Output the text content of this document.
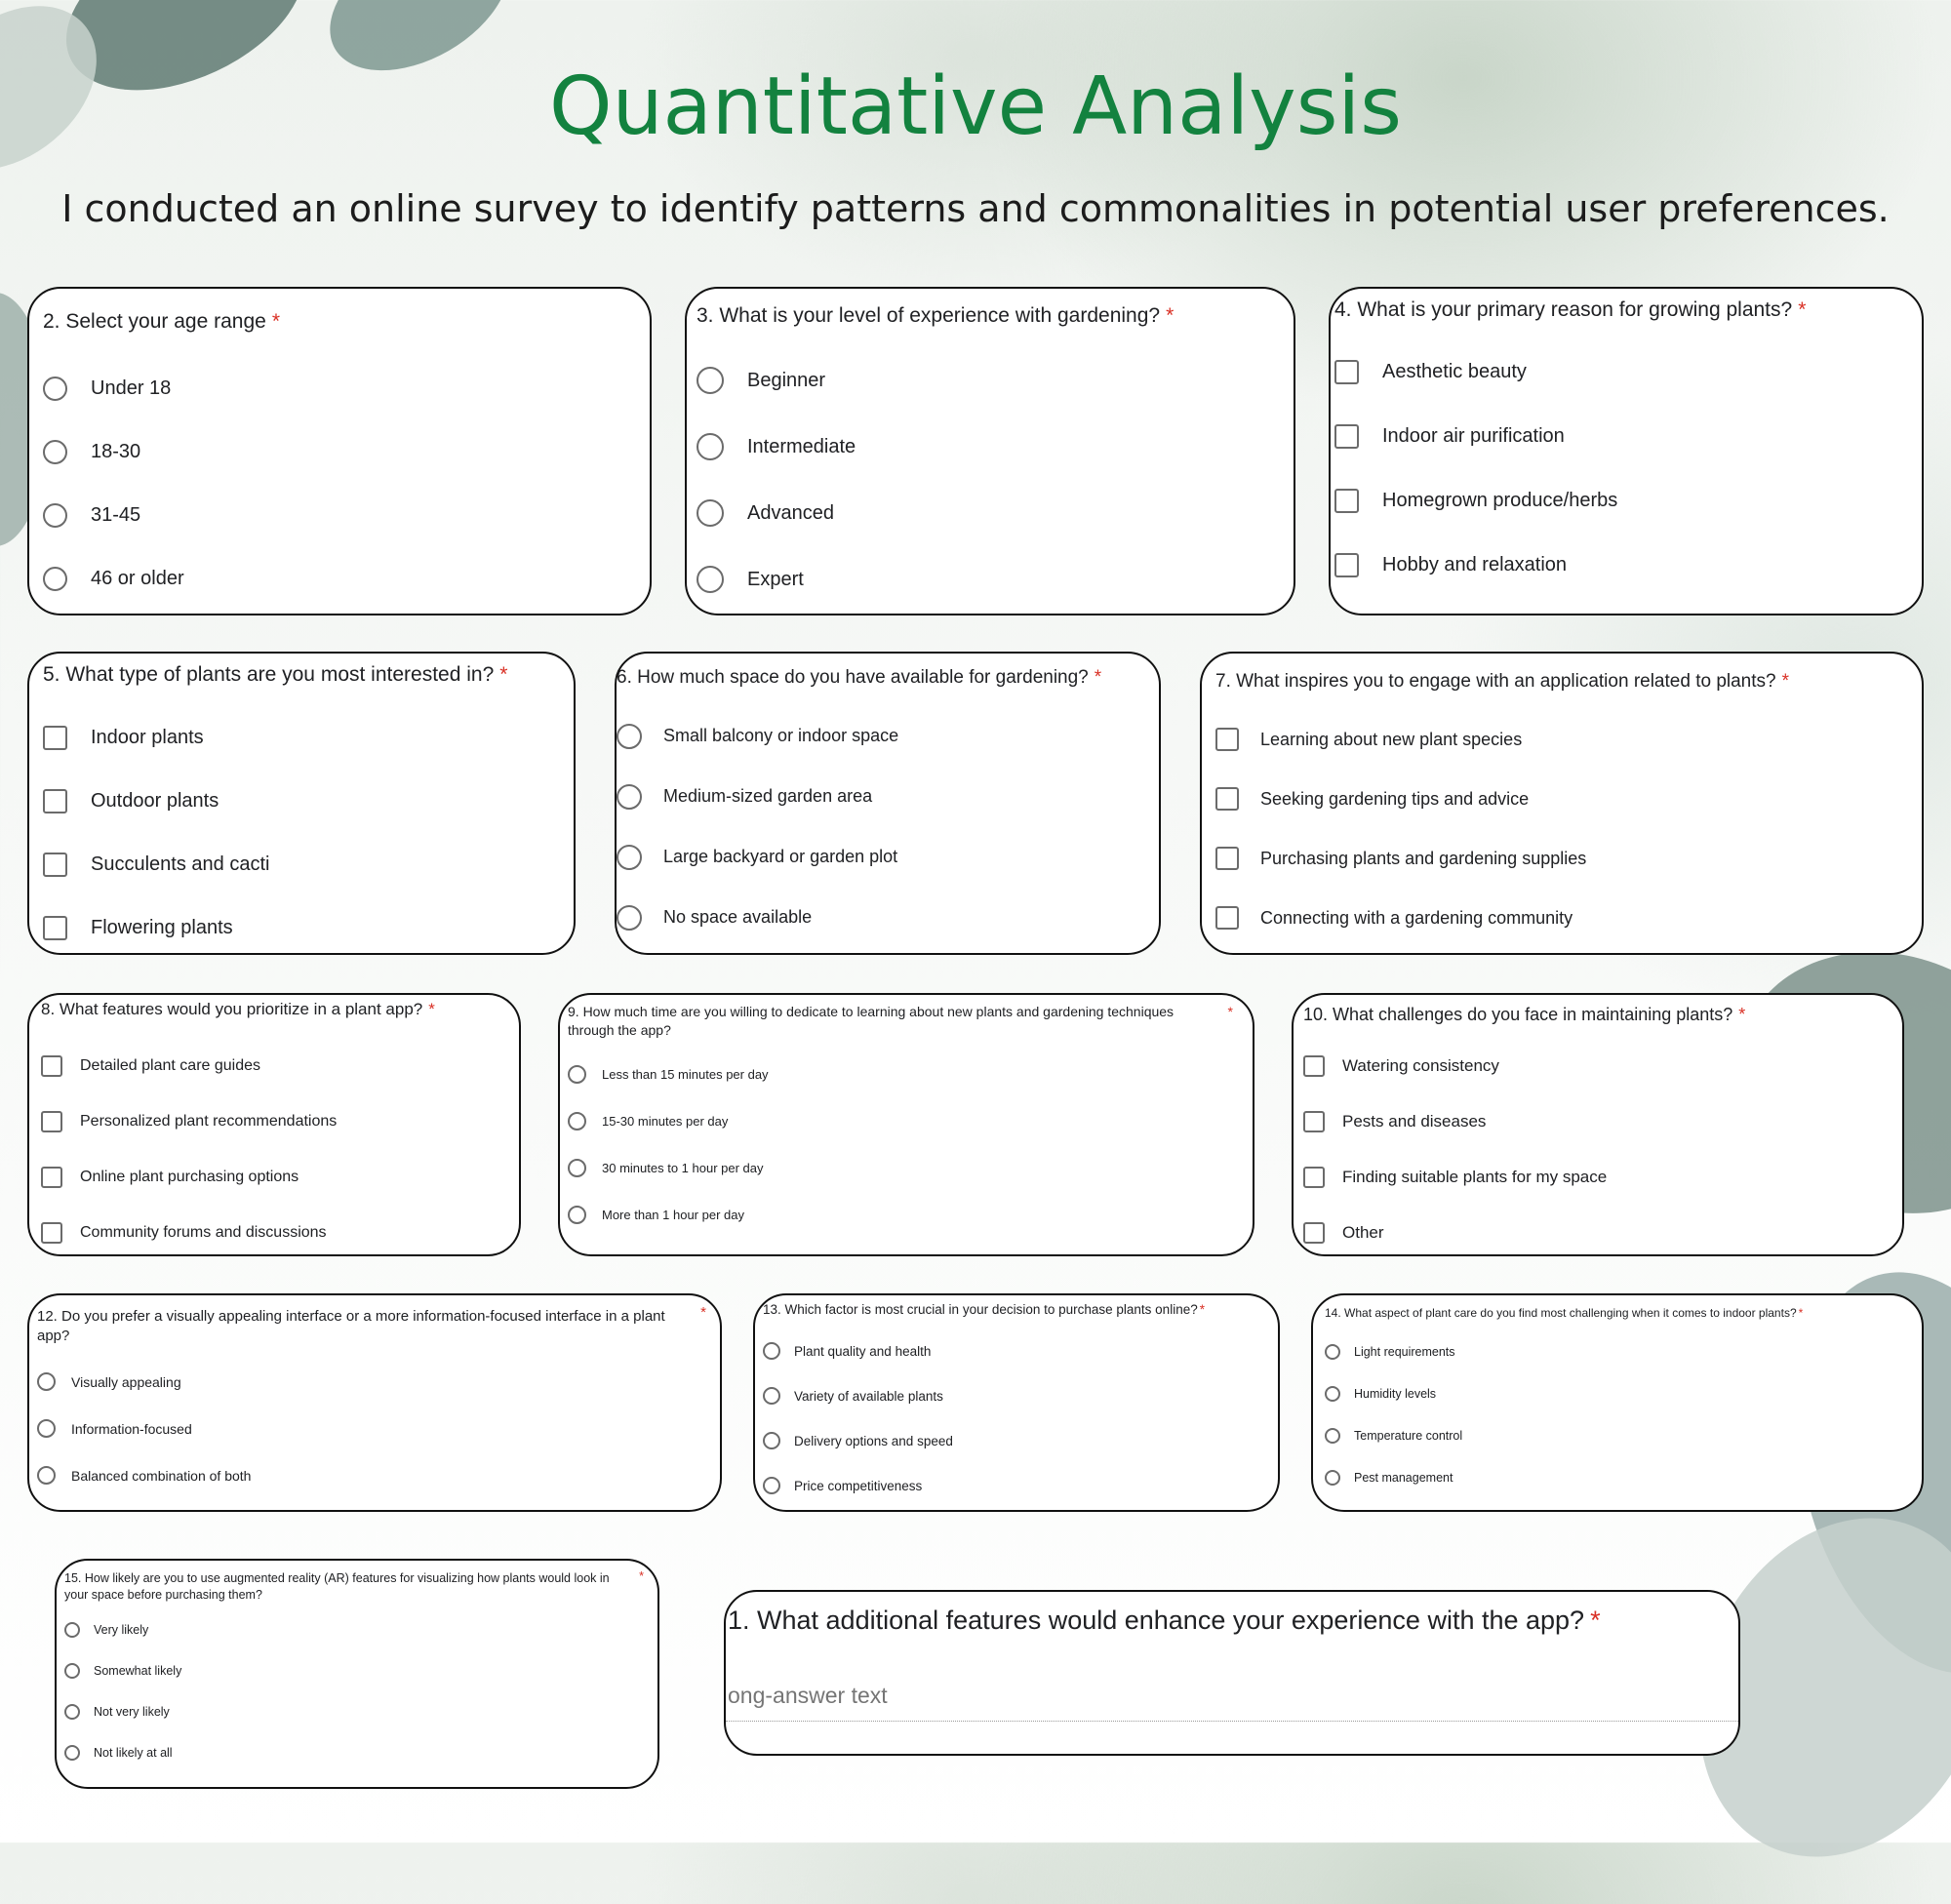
Quantitative Analysis

I conducted an online survey to identify patterns and commonalities in potential user preferences.

2. Select your age range *
Under 18
18-30
31-45
46 or older
3. What is your level of experience with gardening? *
Beginner
Intermediate
Advanced
Expert
4. What is your primary reason for growing plants? *
Aesthetic beauty
Indoor air purification
Homegrown produce/herbs
Hobby and relaxation
5. What type of plants are you most interested in? *
Indoor plants
Outdoor plants
Succulents and cacti
Flowering plants
6. How much space do you have available for gardening? *
Small balcony or indoor space
Medium-sized garden area
Large backyard or garden plot
No space available
7. What inspires you to engage with an application related to plants? *
Learning about new plant species
Seeking gardening tips and advice
Purchasing plants and gardening supplies
Connecting with a gardening community
8. What features would you prioritize in a plant app? *
Detailed plant care guides
Personalized plant recommendations
Online plant purchasing options
Community forums and discussions
9. How much time are you willing to dedicate to learning about new plants and gardening techniques through the app?
*
Less than 15 minutes per day
15-30 minutes per day
30 minutes to 1 hour per day
More than 1 hour per day
10. What challenges do you face in maintaining plants? *
Watering consistency
Pests and diseases
Finding suitable plants for my space
Other
12. Do you prefer a visually appealing interface or a more information-focused interface in a plant app?
*
Visually appealing
Information-focused
Balanced combination of both
13. Which factor is most crucial in your decision to purchase plants online? *
Plant quality and health
Variety of available plants
Delivery options and speed
Price competitiveness
14. What aspect of plant care do you find most challenging when it comes to indoor plants? *
Light requirements
Humidity levels
Temperature control
Pest management
15. How likely are you to use augmented reality (AR) features for visualizing how plants would look in your space before purchasing them?
*
Very likely
Somewhat likely
Not very likely
Not likely at all

1. What additional features would enhance your experience with the app? *

ong-answer text
